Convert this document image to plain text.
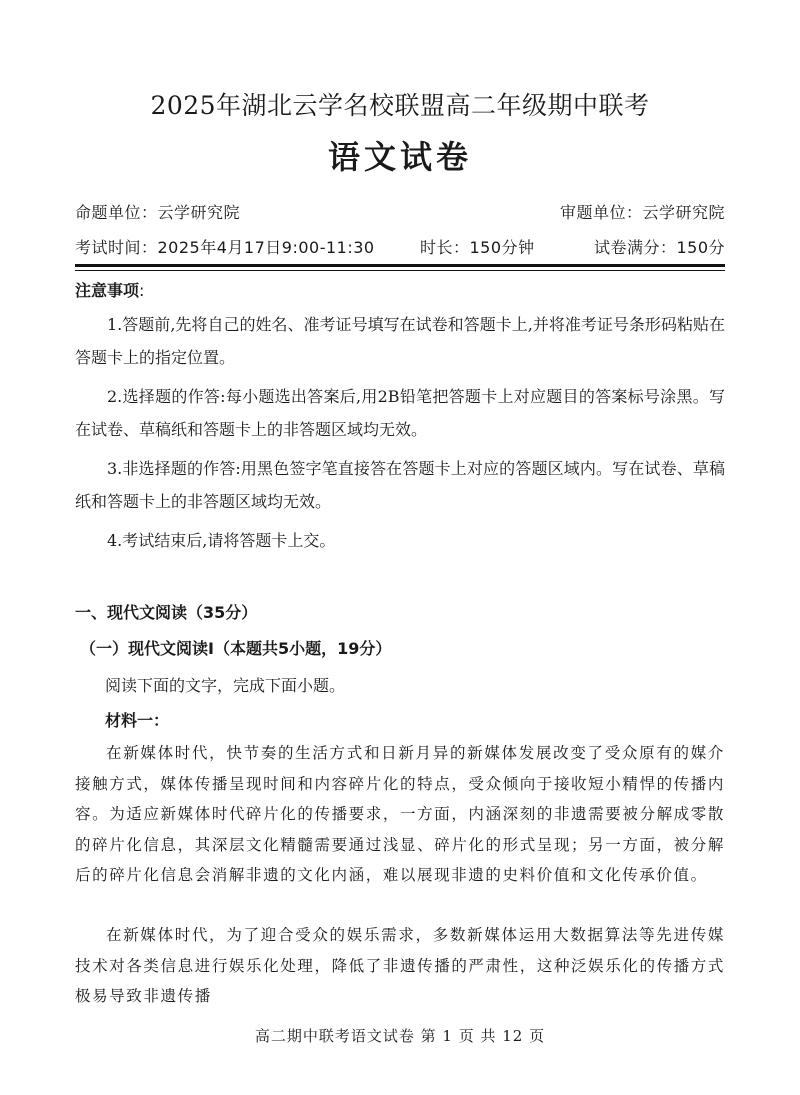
2025年湖北云学名校联盟高二年级期中联考
语文试卷
命题单位：云学研究院	审题单位：云学研究院
考试时间：2025年4月17日9:00-11:30	时长：150分钟	试卷满分：150分
注意事项:

1.答题前,先将自己的姓名、准考证号填写在试卷和答题卡上,并将准考证号条形码粘贴在答题卡上的指定位置。

2.选择题的作答:每小题选出答案后,用2B铅笔把答题卡上对应题目的答案标号涂黑。写在试卷、草稿纸和答题卡上的非答题区域均无效。

3.非选择题的作答:用黑色签字笔直接答在答题卡上对应的答题区域内。写在试卷、草稿纸和答题卡上的非答题区域均无效。

4.考试结束后,请将答题卡上交。

一、现代文阅读（35分）
（一）现代文阅读Ⅰ（本题共5小题，19分）
阅读下面的文字，完成下面小题。
材料一：

在新媒体时代，快节奏的生活方式和日新月异的新媒体发展改变了受众原有的媒介接触方式，媒体传播呈现时间和内容碎片化的特点，受众倾向于接收短小精悍的传播内容。为适应新媒体时代碎片化的传播要求，一方面，内涵深刻的非遗需要被分解成零散的碎片化信息，其深层文化精髓需要通过浅显、碎片化的形式呈现；另一方面，被分解后的碎片化信息会消解非遗的文化内涵，难以展现非遗的史料价值和文化传承价值。

在新媒体时代，为了迎合受众的娱乐需求，多数新媒体运用大数据算法等先进传媒技术对各类信息进行娱乐化处理，降低了非遗传播的严肃性，这种泛娱乐化的传播方式极易导致非遗传播

高二期中联考语文试卷 第 1 页 共 12 页
